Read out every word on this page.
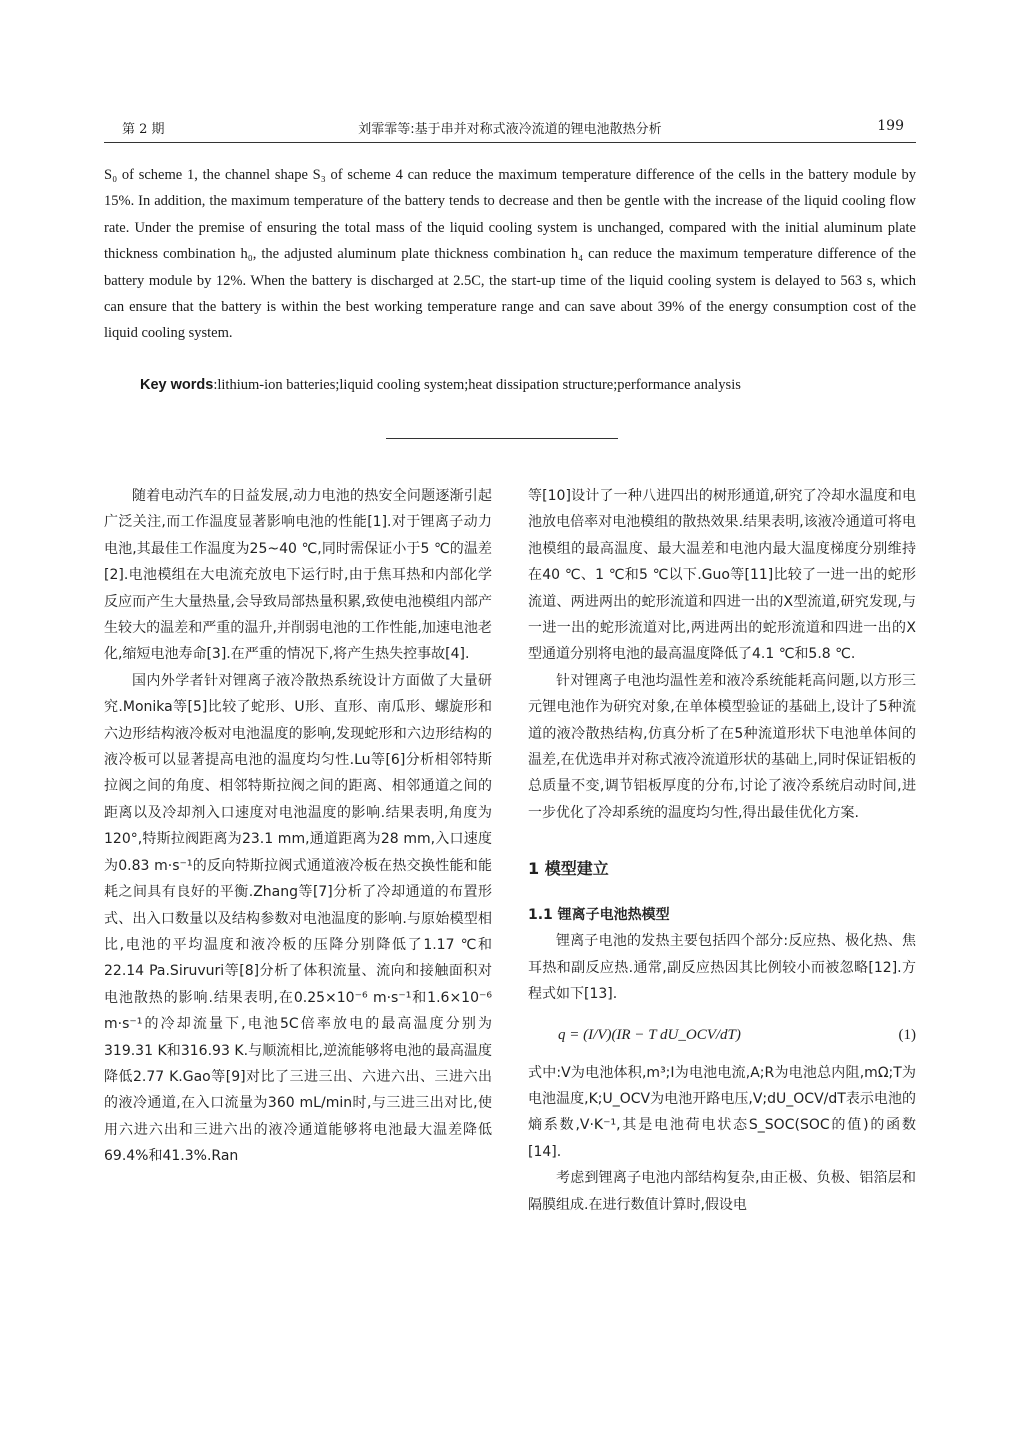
第 2 期	刘霏霏等:基于串并对称式液冷流道的锂电池散热分析	199

S₀ of scheme 1, the channel shape S₃ of scheme 4 can reduce the maximum temperature difference of the cells in the battery module by 15%. In addition, the maximum temperature of the battery tends to decrease and then be gentle with the increase of the liquid cooling flow rate. Under the premise of ensuring the total mass of the liquid cooling system is unchanged, compared with the initial aluminum plate thickness combination h₀, the adjusted aluminum plate thickness combination h₄ can reduce the maximum temperature difference of the battery module by 12%. When the battery is discharged at 2.5C, the start-up time of the liquid cooling system is delayed to 563 s, which can ensure that the battery is within the best working temperature range and can save about 39% of the energy consumption cost of the liquid cooling system.

Key words:lithium-ion batteries;liquid cooling system;heat dissipation structure;performance analysis

随着电动汽车的日益发展,动力电池的热安全问题逐渐引起广泛关注,而工作温度显著影响电池的性能[1].对于锂离子动力电池,其最佳工作温度为25~40 ℃,同时需保证小于5 ℃的温差[2].电池模组在大电流充放电下运行时,由于焦耳热和内部化学反应而产生大量热量,会导致局部热量积累,致使电池模组内部产生较大的温差和严重的温升,并削弱电池的工作性能,加速电池老化,缩短电池寿命[3].在严重的情况下,将产生热失控事故[4].

国内外学者针对锂离子液冷散热系统设计方面做了大量研究.Monika等[5]比较了蛇形、U形、直形、南瓜形、螺旋形和六边形结构液冷板对电池温度的影响,发现蛇形和六边形结构的液冷板可以显著提高电池的温度均匀性.Lu等[6]分析相邻特斯拉阀之间的角度、相邻特斯拉阀之间的距离、相邻通道之间的距离以及冷却剂入口速度对电池温度的影响.结果表明,角度为120°,特斯拉阀距离为23.1 mm,通道距离为28 mm,入口速度为0.83 m·s⁻¹的反向特斯拉阀式通道液冷板在热交换性能和能耗之间具有良好的平衡.Zhang等[7]分析了冷却通道的布置形式、出入口数量以及结构参数对电池温度的影响.与原始模型相比,电池的平均温度和液冷板的压降分别降低了1.17 ℃和22.14 Pa.Siruvuri等[8]分析了体积流量、流向和接触面积对电池散热的影响.结果表明,在0.25×10⁻⁶ m·s⁻¹和1.6×10⁻⁶ m·s⁻¹的冷却流量下,电池5C倍率放电的最高温度分别为319.31 K和316.93 K.与顺流相比,逆流能够将电池的最高温度降低2.77 K.Gao等[9]对比了三进三出、六进六出、三进六出的液冷通道,在入口流量为360 mL/min时,与三进三出对比,使用六进六出和三进六出的液冷通道能够将电池最大温差降低69.4%和41.3%.Ran

等[10]设计了一种八进四出的树形通道,研究了冷却水温度和电池放电倍率对电池模组的散热效果.结果表明,该液冷通道可将电池模组的最高温度、最大温差和电池内最大温度梯度分别维持在40 ℃、1 ℃和5 ℃以下.Guo等[11]比较了一进一出的蛇形流道、两进两出的蛇形流道和四进一出的X型流道,研究发现,与一进一出的蛇形流道对比,两进两出的蛇形流道和四进一出的X型通道分别将电池的最高温度降低了4.1 ℃和5.8 ℃.

针对锂离子电池均温性差和液冷系统能耗高问题,以方形三元锂电池作为研究对象,在单体模型验证的基础上,设计了5种流道的液冷散热结构,仿真分析了在5种流道形状下电池单体间的温差,在优选串并对称式液冷流道形状的基础上,同时保证铝板的总质量不变,调节铝板厚度的分布,讨论了液冷系统启动时间,进一步优化了冷却系统的温度均匀性,得出最佳优化方案.

1 模型建立
1.1 锂离子电池热模型

锂离子电池的发热主要包括四个部分:反应热、极化热、焦耳热和副反应热.通常,副反应热因其比例较小而被忽略[12].方程式如下[13].

q = (I/V)(IR − T dU_OCV/dT)	(1)

式中:V为电池体积,m³;I为电池电流,A;R为电池总内阻,mΩ;T为电池温度,K;U_OCV为电池开路电压,V;dU_OCV/dT表示电池的熵系数,V·K⁻¹,其是电池荷电状态S_SOC(SOC的值)的函数[14].

考虑到锂离子电池内部结构复杂,由正极、负极、铝箔层和隔膜组成.在进行数值计算时,假设电
